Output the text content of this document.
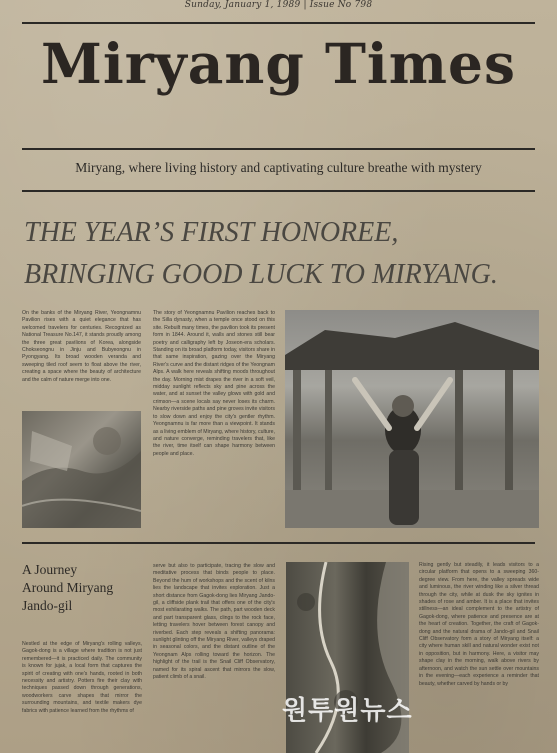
Sunday, January 1, 1989 | Issue No 798
Miryang Times
Miryang, where living history and captivating culture breathe with mystery
THE YEAR’S FIRST HONOREE,
BRINGING GOOD LUCK TO MIRYANG.
On the banks of the Miryang River, Yeongnamnu Pavilion rises with a quiet elegance that has welcomed travelers for centuries. Recognized as National Treasure No.147, it stands proudly among the three great pavilions of Korea, alongside Chokseongnu in Jinju and Bubyeongnu in Pyongyang. Its broad wooden veranda and sweeping tiled roof seem to float above the river, creating a space where the beauty of architecture and the calm of nature merge into one.
The story of Yeongnamnu Pavilion reaches back to the Silla dynasty, when a temple once stood on this site. Rebuilt many times, the pavilion took its present form in 1844. Around it, walls and stones still bear poetry and calligraphy left by Joseon-era scholars. Standing on its broad platform today, visitors share in that same inspiration, gazing over the Miryang River's curve and the distant ridges of the Yeongnam Alps. A walk here reveals shifting moods throughout the day. Morning mist drapes the river in a soft veil, midday sunlight reflects sky and pine across the water, and at sunset the valley glows with gold and crimson—a scene locals say never loses its charm. Nearby riverside paths and pine groves invite visitors to slow down and enjoy the city's gentler rhythm. Yeongnamnu is far more than a viewpoint. It stands as a living emblem of Miryang, where history, culture, and nature converge, reminding travelers that, like the river, time itself can shape harmony between people and place.
A Journey
Around Miryang
Jando-gil
Nestled at the edge of Miryang's rolling valleys, Gagok-dong is a village where tradition is not just remembered—it is practiced daily. The community is known for jujak, a local form that captures the spirit of creating with one's hands, rooted in both necessity and artistry. Potters fire their clay with techniques passed down through generations, woodworkers carve shapes that mirror the surrounding mountains, and textile makers dye fabrics with patience learned from the rhythms of
serve but also to participate, tracing the slow and meditative process that binds people to place. Beyond the hum of workshops and the scent of kilns lies the landscape that invites exploration. Just a short distance from Gagok-dong lies Miryang Jando-gil, a cliffside plank trail that offers one of the city's most exhilarating walks. The path, part wooden deck and part transparent glass, clings to the rock face, letting travelers hover between forest canopy and riverbed. Each step reveals a shifting panorama: sunlight glinting off the Miryang River, valleys draped in seasonal colors, and the distant outline of the Yeongnam Alps rolling toward the horizon. The highlight of the trail is the Snail Cliff Observatory, named for its spiral ascent that mirrors the slow, patient climb of a snail.
Rising gently but steadily, it leads visitors to a circular platform that opens to a sweeping 360-degree view. From here, the valley spreads wide and luminous, the river winding like a silver thread through the city, while at dusk the sky ignites in shades of rose and amber. It is a place that invites stillness—an ideal complement to the artistry of Gagok-dong, where patience and presence are at the heart of creation. Together, the craft of Gagok-dong and the natural drama of Jando-gil and Snail Cliff Observatory form a story of Miryang itself: a city where human skill and natural wonder exist not in opposition, but in harmony. Here, a visitor may shape clay in the morning, walk above rivers by afternoon, and watch the sun settle over mountains in the evening—each experience a reminder that beauty, whether carved by hands or by
원투원뉴스
